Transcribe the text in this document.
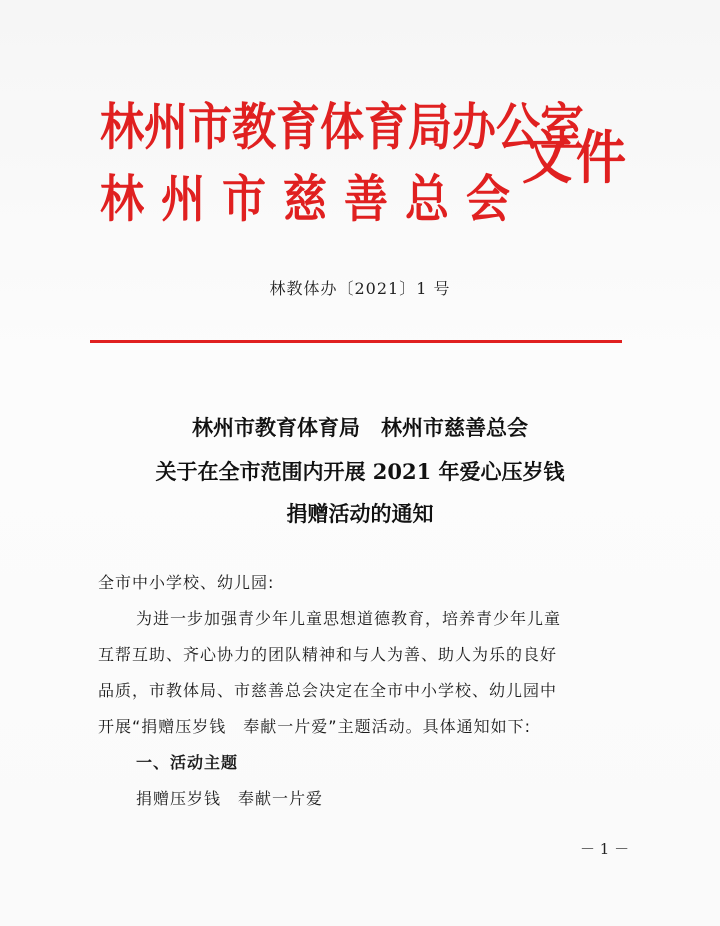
林州市教育体育局办公室
林州市慈善总会
文件
林教体办〔2021〕1 号
林州市教育体育局　林州市慈善总会
关于在全市范围内开展 2021 年爱心压岁钱
捐赠活动的通知
全市中小学校、幼儿园:
为进一步加强青少年儿童思想道德教育，培养青少年儿童
互帮互助、齐心协力的团队精神和与人为善、助人为乐的良好
品质，市教体局、市慈善总会决定在全市中小学校、幼儿园中
开展“捐赠压岁钱　奉献一片爱”主题活动。具体通知如下:
一、活动主题
捐赠压岁钱　奉献一片爱
－ 1 －
